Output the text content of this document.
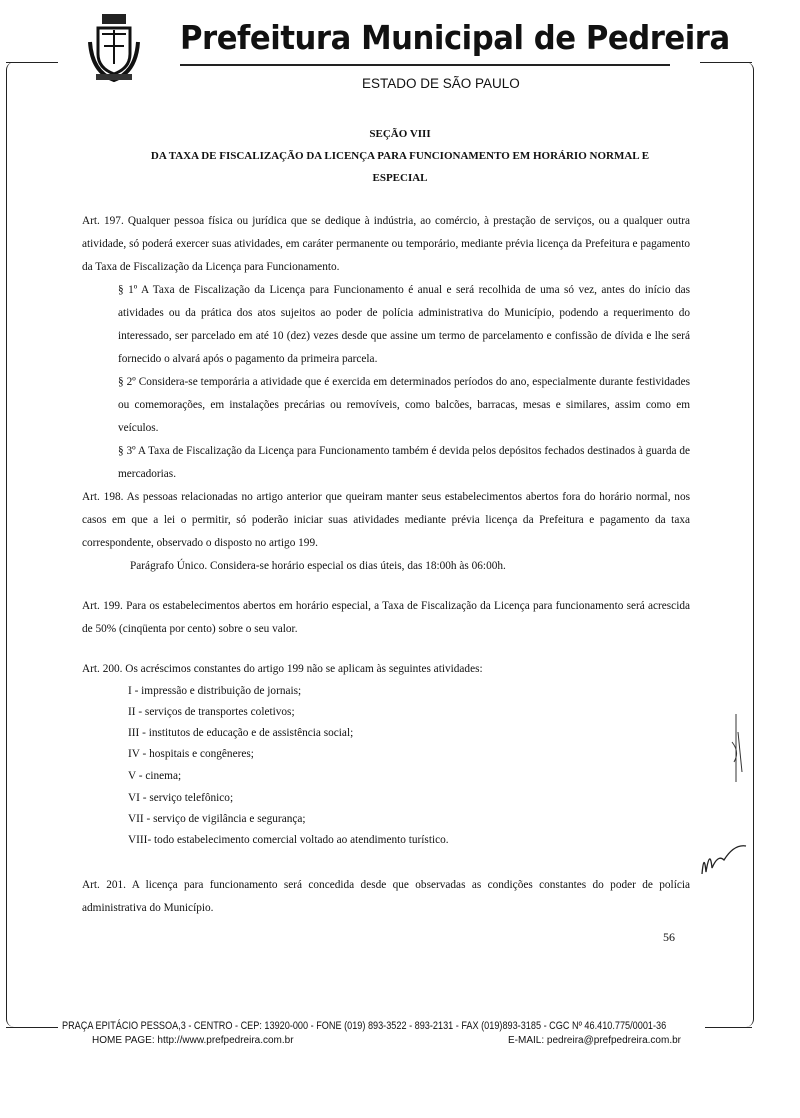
Prefeitura Municipal de Pedreira
ESTADO DE SÃO PAULO
SEÇÃO VIII
DA TAXA DE FISCALIZAÇÃO DA LICENÇA PARA FUNCIONAMENTO EM HORÁRIO NORMAL E
ESPECIAL

Art. 197. Qualquer pessoa física ou jurídica que se dedique à indústria, ao comércio, à prestação de serviços, ou a qualquer outra atividade, só poderá exercer suas atividades, em caráter permanente ou temporário, mediante prévia licença da Prefeitura e pagamento da Taxa de Fiscalização da Licença para Funcionamento.

§ 1º A Taxa de Fiscalização da Licença para Funcionamento é anual e será recolhida de uma só vez, antes do início das atividades ou da prática dos atos sujeitos ao poder de polícia administrativa do Município, podendo a requerimento do interessado, ser parcelado em até 10 (dez) vezes desde que assine um termo de parcelamento e confissão de dívida e lhe será fornecido o alvará após o pagamento da primeira parcela.

§ 2º Considera-se temporária a atividade que é exercida em determinados períodos do ano, especialmente durante festividades ou comemorações, em instalações precárias ou removíveis, como balcões, barracas, mesas e similares, assim como em veículos.

§ 3º A Taxa de Fiscalização da Licença para Funcionamento também é devida pelos depósitos fechados destinados à guarda de mercadorias.

Art. 198. As pessoas relacionadas no artigo anterior que queiram manter seus estabelecimentos abertos fora do horário normal, nos casos em que a lei o permitir, só poderão iniciar suas atividades mediante prévia licença da Prefeitura e pagamento da taxa correspondente, observado o disposto no artigo 199.

Parágrafo Único. Considera-se horário especial os dias úteis, das 18:00h às 06:00h.

Art. 199. Para os estabelecimentos abertos em horário especial, a Taxa de Fiscalização da Licença para funcionamento será acrescida de 50% (cinqüenta por cento) sobre o seu valor.

Art. 200. Os acréscimos constantes do artigo 199 não se aplicam às seguintes atividades:

I - impressão e distribuição de jornais;
II - serviços de transportes coletivos;
III - institutos de educação e de assistência social;
IV - hospitais e congêneres;
V - cinema;
VI - serviço telefônico;
VII - serviço de vigilância e segurança;
VIII- todo estabelecimento comercial voltado ao atendimento turístico.

Art. 201. A licença para funcionamento será concedida desde que observadas as condições constantes do poder de polícia administrativa do Município.

56
PRAÇA EPITÁCIO PESSOA,3 - CENTRO - CEP: 13920-000 - FONE (019) 893-3522 - 893-2131 - FAX (019)893-3185 - CGC Nº 46.410.775/0001-36
HOME PAGE: http://www.prefpedreira.com.br	E-MAIL: pedreira@prefpedreira.com.br
